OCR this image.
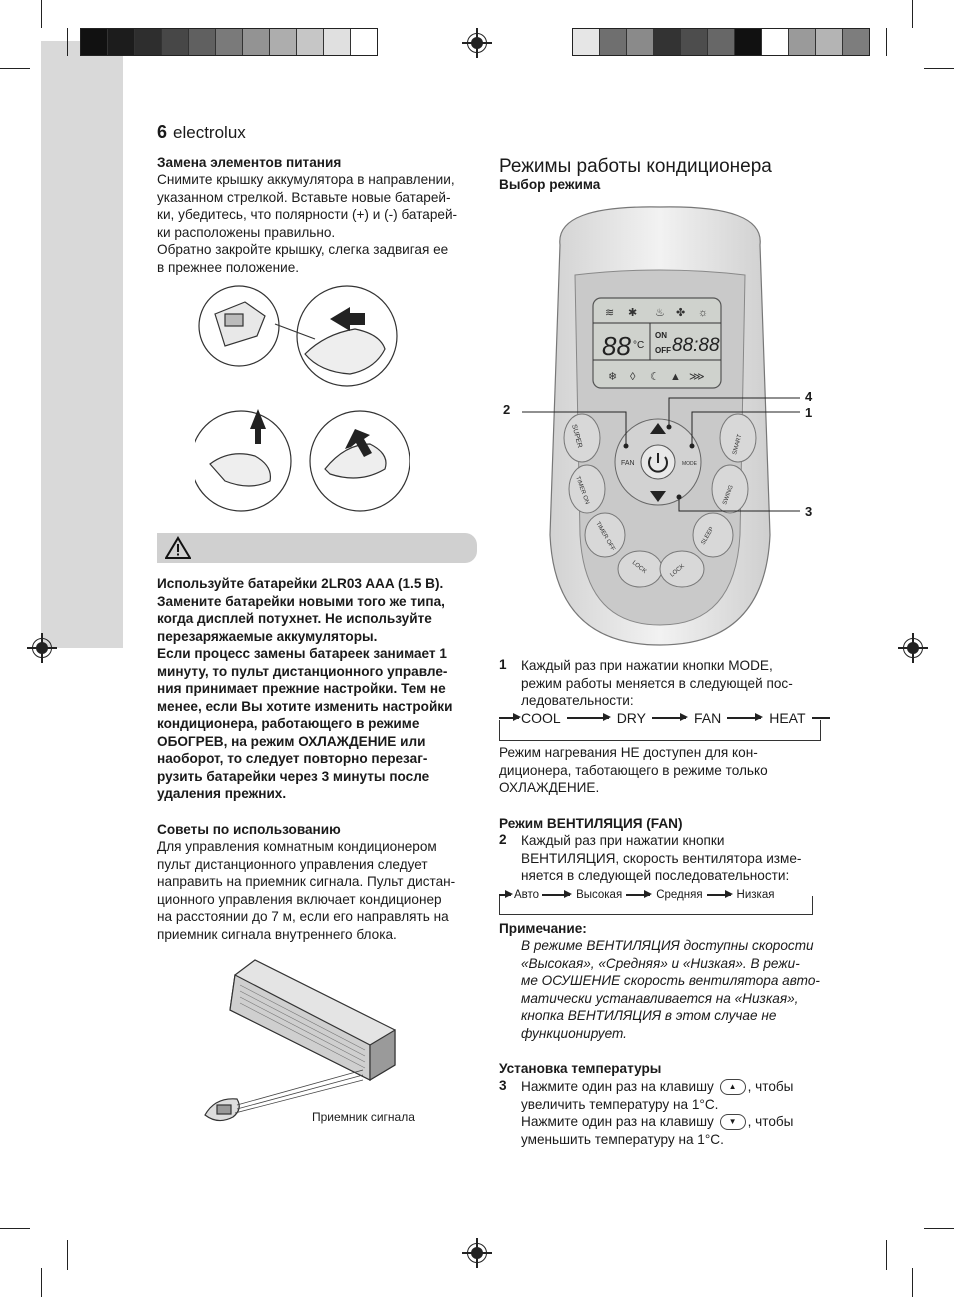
6 electrolux
Замена элементов питания
Снимите крышку аккумулятора в направлении,
указанном стрелкой. Вставьте новые батарей-
ки, убедитесь, что полярности (+) и (-) батарей-
ки расположены правильно.
Обратно закройте крышку, слегка задвигая ее
в прежнее положение.
Используйте батарейки 2LR03 AAA (1.5 В).
Замените батарейки новыми того же типа,
когда дисплей потухнет. Не используйте
перезаряжаемые аккумуляторы.
Если процесс замены батареек занимает 1
минуту, то пульт дистанционного управле-
ния принимает прежние настройки. Тем не
менее, если Вы хотите изменить настройки
кондиционера, работающего в режиме
ОБОГРЕВ, на режим ОХЛАЖДЕНИЕ или
наоборот, то следует повторно перезаг-
рузить батарейки через 3 минуты после
удаления прежних.
Советы по использованию
Для управления комнатным кондиционером
пульт дистанционного управления следует
направить на приемник сигнала. Пульт дистан-
ционного управления включает кондиционер
на расстоянии до 7 м, если его направлять на
приемник сигнала внутреннего блока.
Приемник сигнала
Режимы работы кондиционера
Выбор режима
≋ ✱ ♨ ✤ ☼
❄ ◊ ☾ ▲ ⋙
88 °C
ON
OFF 88:88
FAN	MODE
SUPER
TIMER ON
TIMER OFF
LOCK	LOCK
SLEEP
SWING
SMART
2
4
1
3
1 Каждый раз при нажатии кнопки MODE,
режим работы меняется в следующей пос-
ледовательности:
COOL	DRY	FAN	HEAT
Режим нагревания НЕ доступен для кон-
диционера, таботающего в режиме только
ОХЛАЖДЕНИЕ.
Режим ВЕНТИЛЯЦИЯ (FAN)
2 Каждый раз при нажатии кнопки
ВЕНТИЛЯЦИЯ, скорость вентилятора изме-
няется в следующей последовательности:
Авто	Высокая	Средняя	Низкая
Примечание:
В режиме ВЕНТИЛЯЦИЯ доступны скорости
«Высокая», «Средняя» и «Низкая». В режи-
ме ОСУШЕНИЕ скорость вентилятора авто-
матически устанавливается на «Низкая»,
кнопка ВЕНТИЛЯЦИЯ в этом случае не
функционирует.
Установка температуры
3 Нажмите один раз на клавишу ▲ , чтобы
увеличить температуру на 1°С.
Нажмите один раз на клавишу ▼ , чтобы
уменьшить температуру на 1°С.
